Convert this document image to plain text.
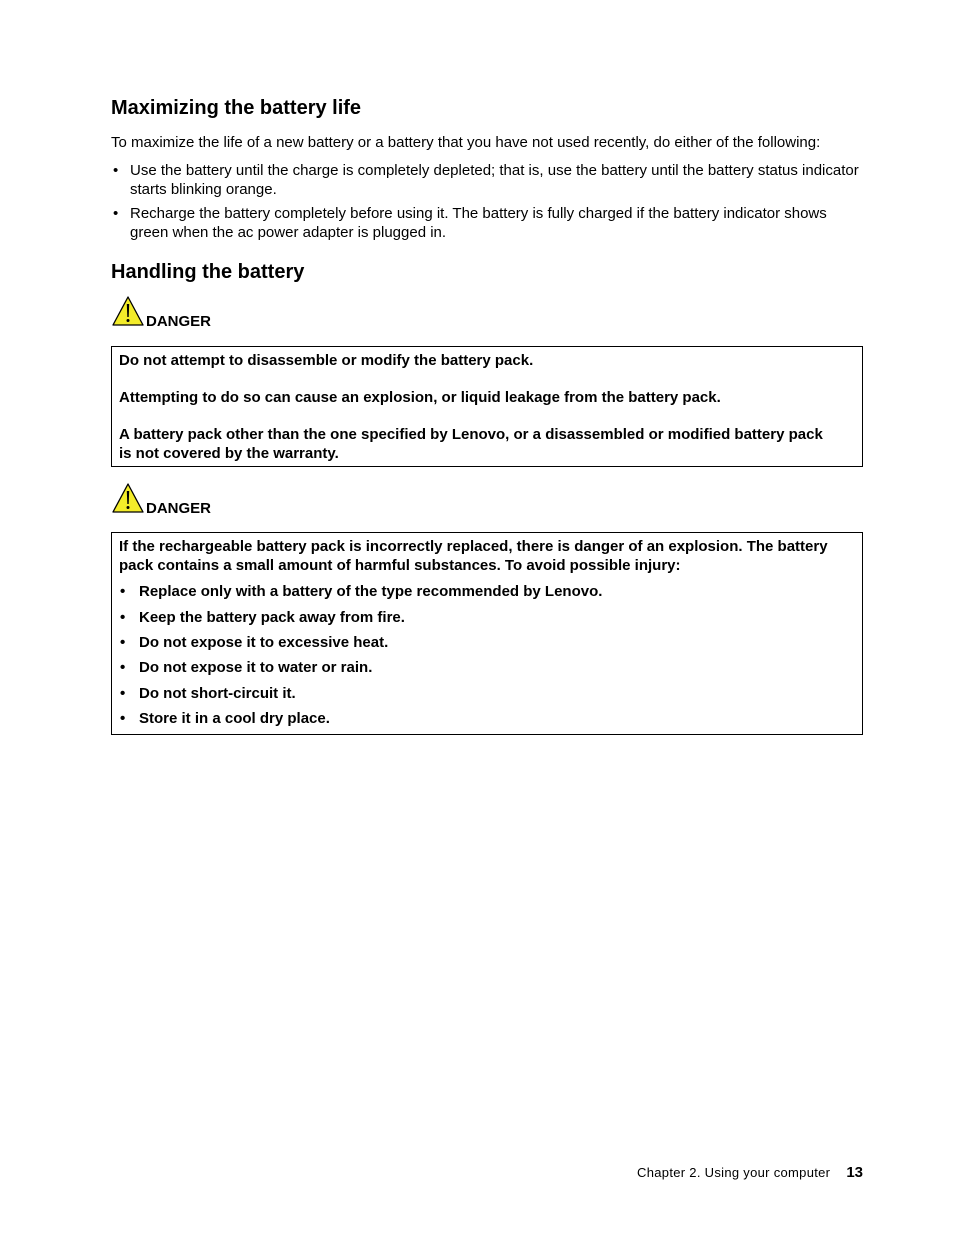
Maximizing the battery life

To maximize the life of a new battery or a battery that you have not used recently, do either of the following:

• Use the battery until the charge is completely depleted; that is, use the battery until the battery status indicator starts blinking orange.
• Recharge the battery completely before using it. The battery is fully charged if the battery indicator shows green when the ac power adapter is plugged in.
Handling the battery
DANGER

Do not attempt to disassemble or modify the battery pack.

Attempting to do so can cause an explosion, or liquid leakage from the battery pack.

A battery pack other than the one specified by Lenovo, or a disassembled or modified battery pack is not covered by the warranty.

DANGER

If the rechargeable battery pack is incorrectly replaced, there is danger of an explosion. The battery pack contains a small amount of harmful substances. To avoid possible injury:

• Replace only with a battery of the type recommended by Lenovo.
• Keep the battery pack away from fire.
• Do not expose it to excessive heat.
• Do not expose it to water or rain.
• Do not short-circuit it.
• Store it in a cool dry place.
Chapter 2. Using your computer 13
